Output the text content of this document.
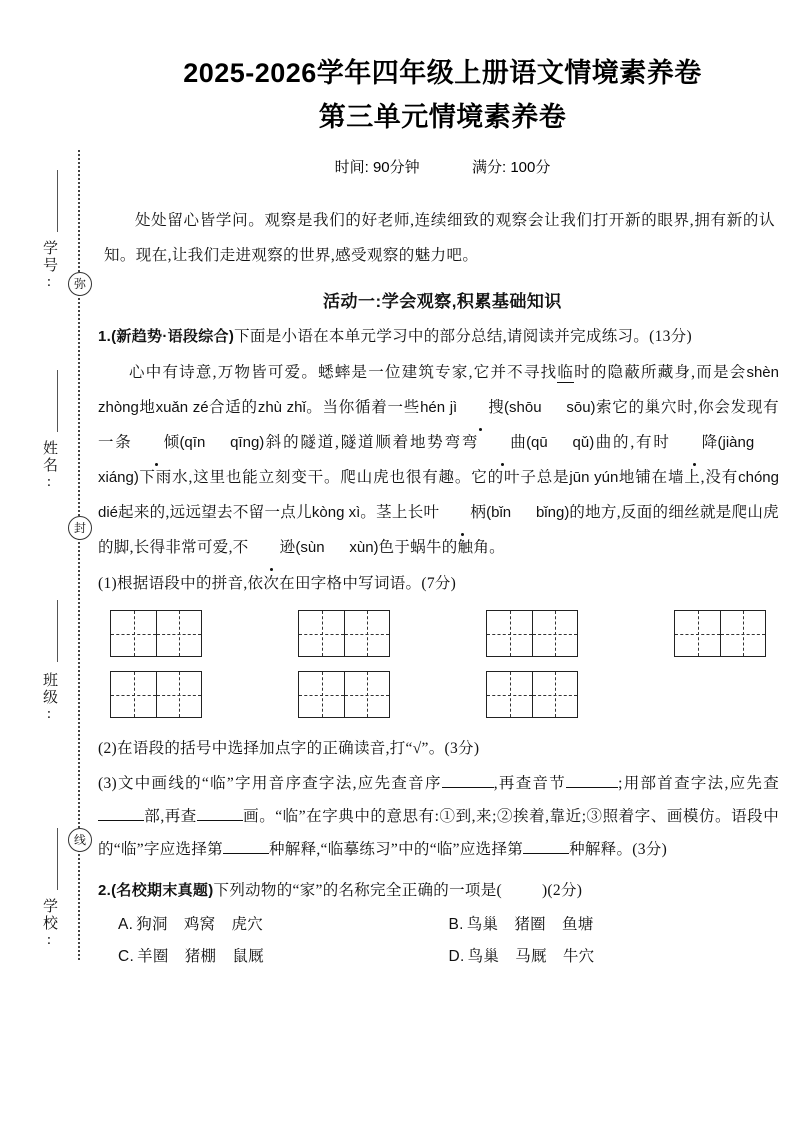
学号:	弥
姓名:
封
班级:
线
学校:
2025-2026学年四年级上册语文情境素养卷
第三单元情境素养卷
时间: 90分钟	满分: 100分
处处留心皆学问。观察是我们的好老师,连续细致的观察会让我们打开新的眼界,拥有新的认知。现在,让我们走进观察的世界,感受观察的魅力吧。
活动一:学会观察,积累基础知识
1.(新趋势·语段综合)下面是小语在本单元学习中的部分总结,请阅读并完成练习。(13分)
心中有诗意,万物皆可爱。蟋蟀是一位建筑专家,它并不寻找临时的隐蔽所藏身,而是会shèn zhòng地xuǎn zé合适的zhù zhǐ。当你循着一些hén jì 搜(shōu sōu)索它的巢穴时,你会发现有一条 倾(qīn qīng)斜的隧道,隧道顺着地势弯弯 曲(qū qǔ)曲的,有时 降(jiàngxiáng)下雨水,这里也能立刻变干。爬山虎也很有趣。它的叶子总是jūn yún地铺在墙上,没有chóng dié起来的,远远望去不留一点儿kòng xì。茎上长叶 柄(bǐn bǐng)的地方,反面的细丝就是爬山虎的脚,长得非常可爱,不 逊(sùn xùn)色于蜗牛的触角。
(1)根据语段中的拼音,依次在田字格中写词语。(7分)
(2)在语段的括号中选择加点字的正确读音,打“√”。(3分)
(3)文中画线的“临”字用音序查字法,应先查音序	,再查音节	;用部首查字法,应先查部,再查	画。“临”在字典中的意思有:①到,来;②挨着,靠近;③照着字、画模仿。语段中的“临”字应选择第	种解释,“临摹练习”中的“临”应选择第	种解释。(3分)
2.(名校期末真题)下列动物的“家”的名称完全正确的一项是(	)(2分)
A. 狗洞 鸡窝 虎穴	B. 鸟巢 猪圈 鱼塘
C. 羊圈 猪棚 鼠厩	D. 鸟巢 马厩 牛穴
